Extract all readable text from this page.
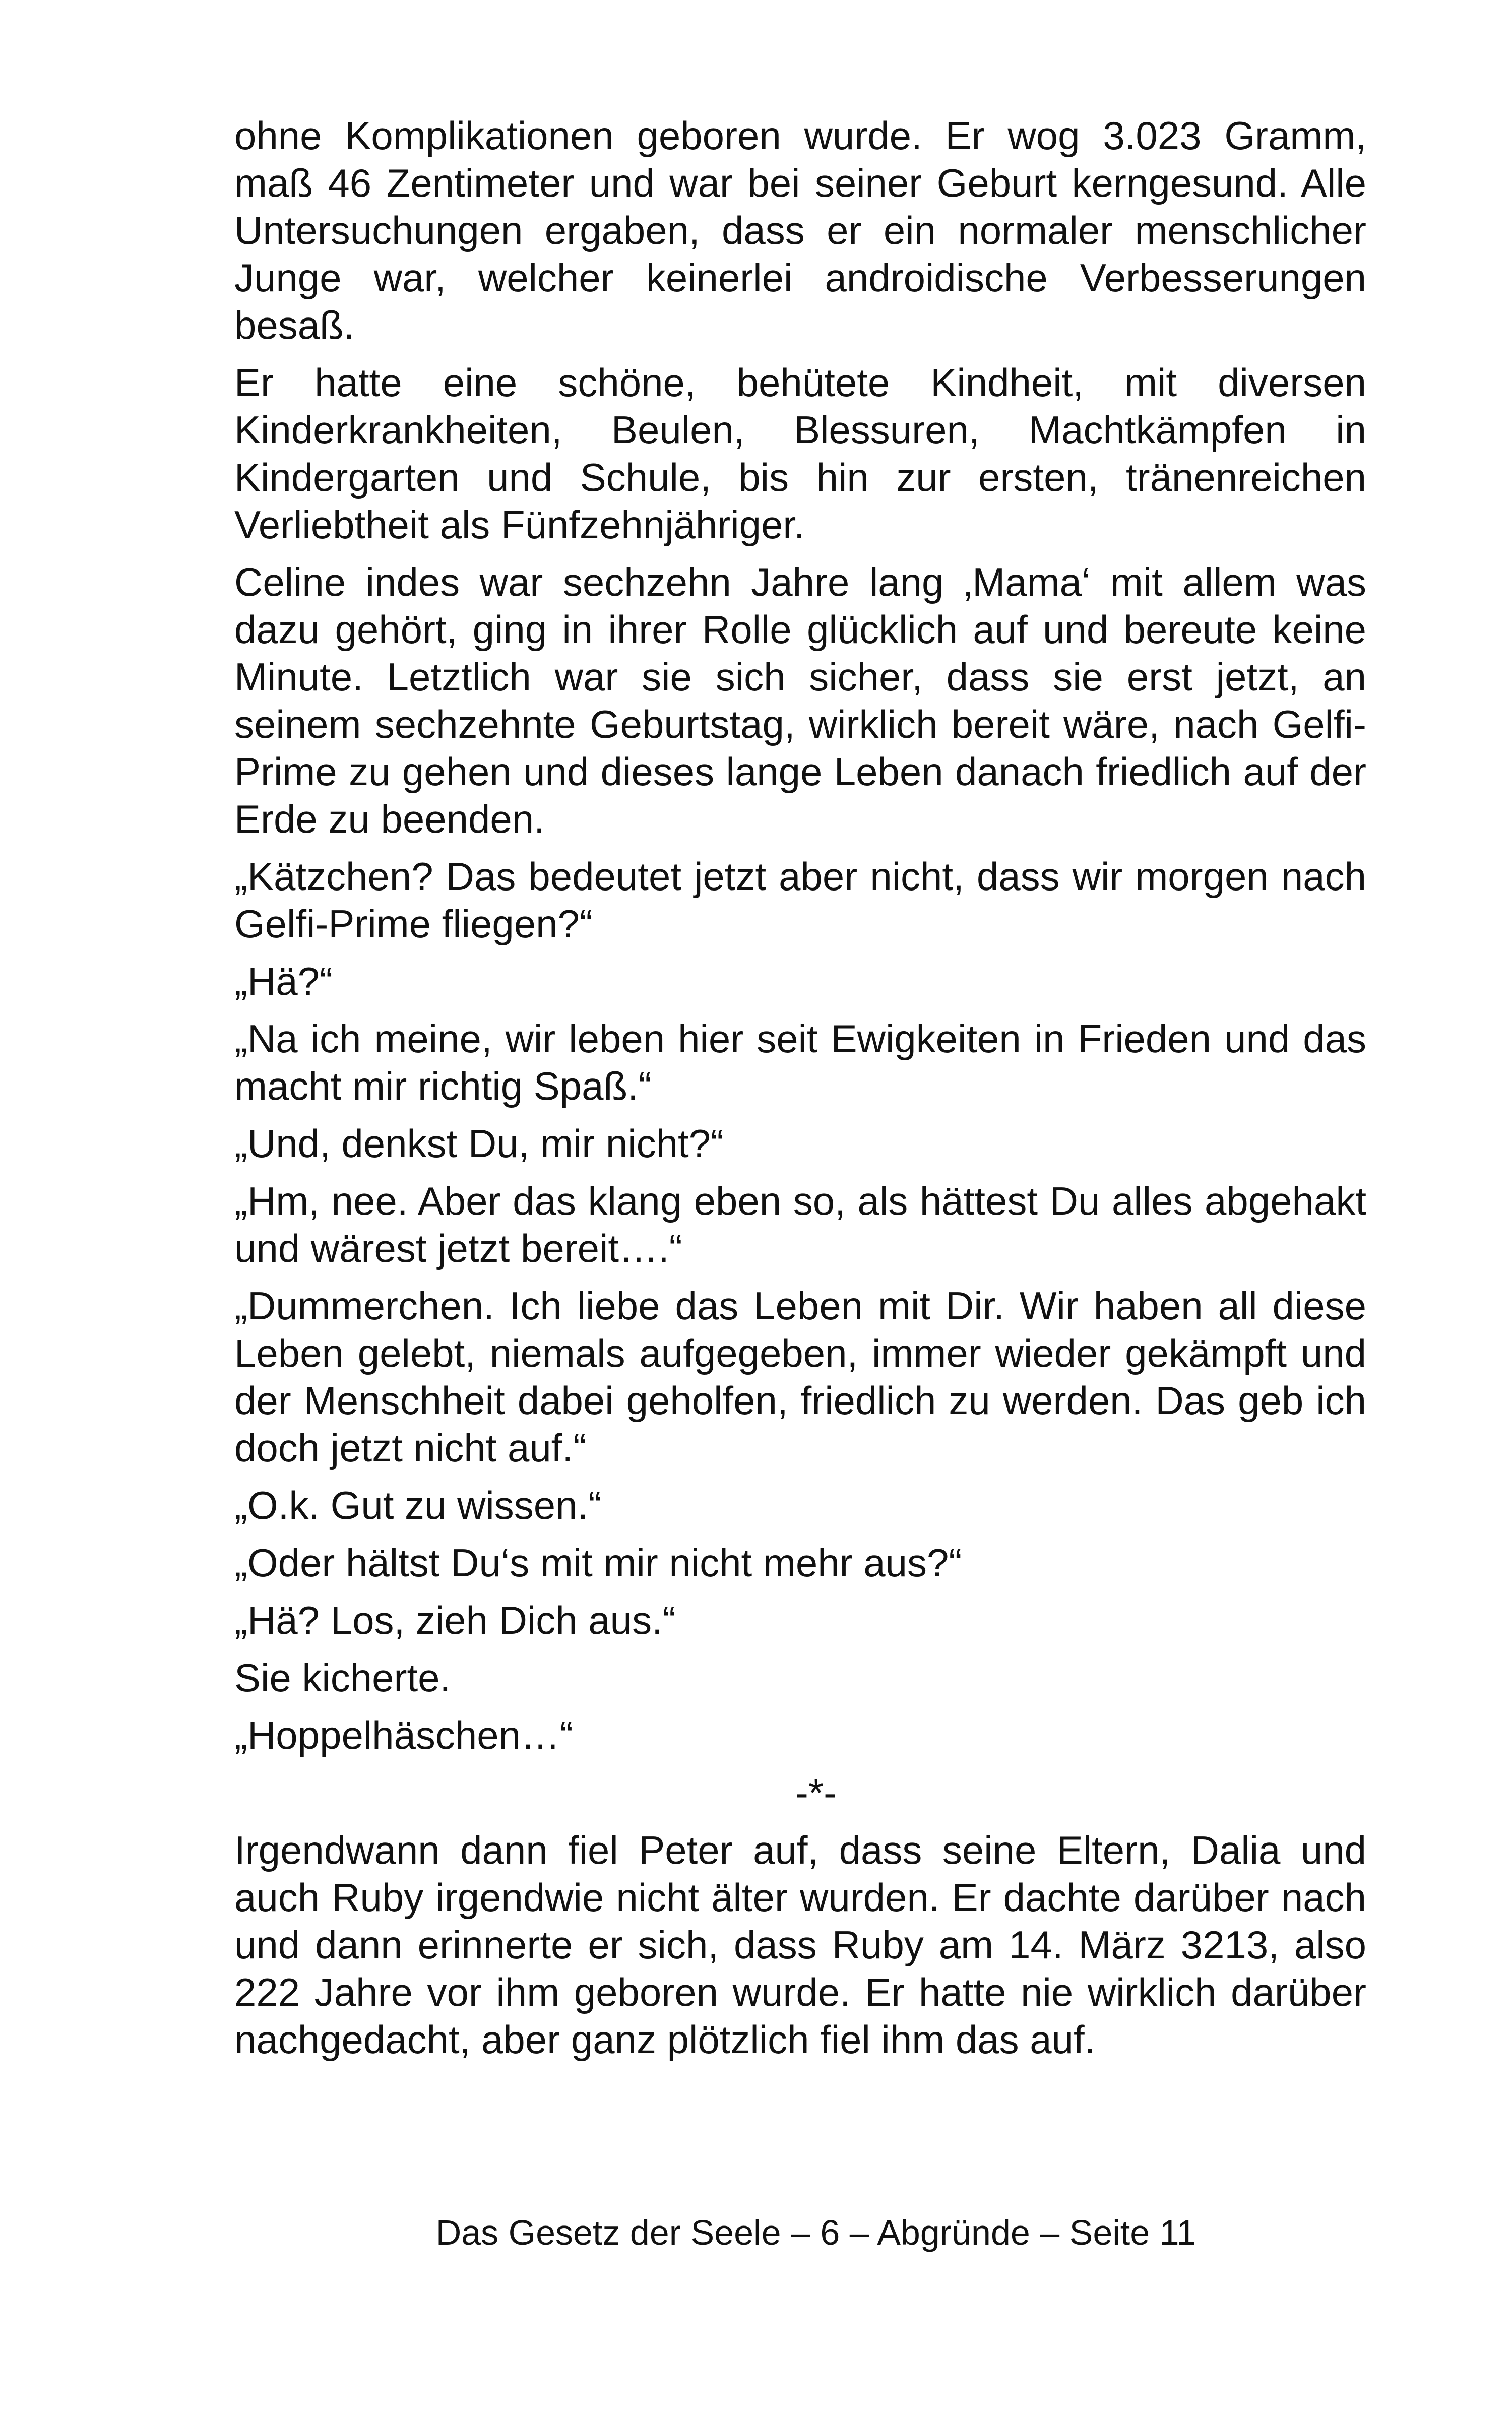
ohne Komplikationen geboren wurde. Er wog 3.023 Gramm, maß 46 Zentimeter und war bei seiner Geburt kerngesund. Alle Untersuchungen ergaben, dass er ein normaler menschlicher Junge war, welcher keinerlei androidische Verbesserungen besaß.

Er hatte eine schöne, behütete Kindheit, mit diversen Kinderkrankheiten, Beulen, Blessuren, Machtkämpfen in Kindergarten und Schule, bis hin zur ersten, tränenreichen Verliebtheit als Fünfzehnjähriger.

Celine indes war sechzehn Jahre lang ‚Mama‘ mit allem was dazu gehört, ging in ihrer Rolle glücklich auf und bereute keine Minute. Letztlich war sie sich sicher, dass sie erst jetzt, an seinem sechzehnte Geburtstag, wirklich bereit wäre, nach Gelfi-Prime zu gehen und dieses lange Leben danach friedlich auf der Erde zu beenden.

„Kätzchen? Das bedeutet jetzt aber nicht, dass wir morgen nach Gelfi-Prime fliegen?“

„Hä?“

„Na ich meine, wir leben hier seit Ewigkeiten in Frieden und das macht mir richtig Spaß.“

„Und, denkst Du, mir nicht?“

„Hm, nee. Aber das klang eben so, als hättest Du alles abgehakt und wärest jetzt bereit….“

„Dummerchen. Ich liebe das Leben mit Dir. Wir haben all diese Leben gelebt, niemals aufgegeben, immer wieder gekämpft und der Menschheit dabei geholfen, friedlich zu werden. Das geb ich doch jetzt nicht auf.“

„O.k. Gut zu wissen.“

„Oder hältst Du‘s mit mir nicht mehr aus?“

„Hä? Los, zieh Dich aus.“

Sie kicherte.

„Hoppelhäschen…“

-*-

Irgendwann dann fiel Peter auf, dass seine Eltern, Dalia und auch Ruby irgendwie nicht älter wurden. Er dachte darüber nach und dann erinnerte er sich, dass Ruby am 14. März 3213, also 222 Jahre vor ihm geboren wurde. Er hatte nie wirklich darüber nachgedacht, aber ganz plötzlich fiel ihm das auf.

Das Gesetz der Seele – 6 – Abgründe – Seite 11
